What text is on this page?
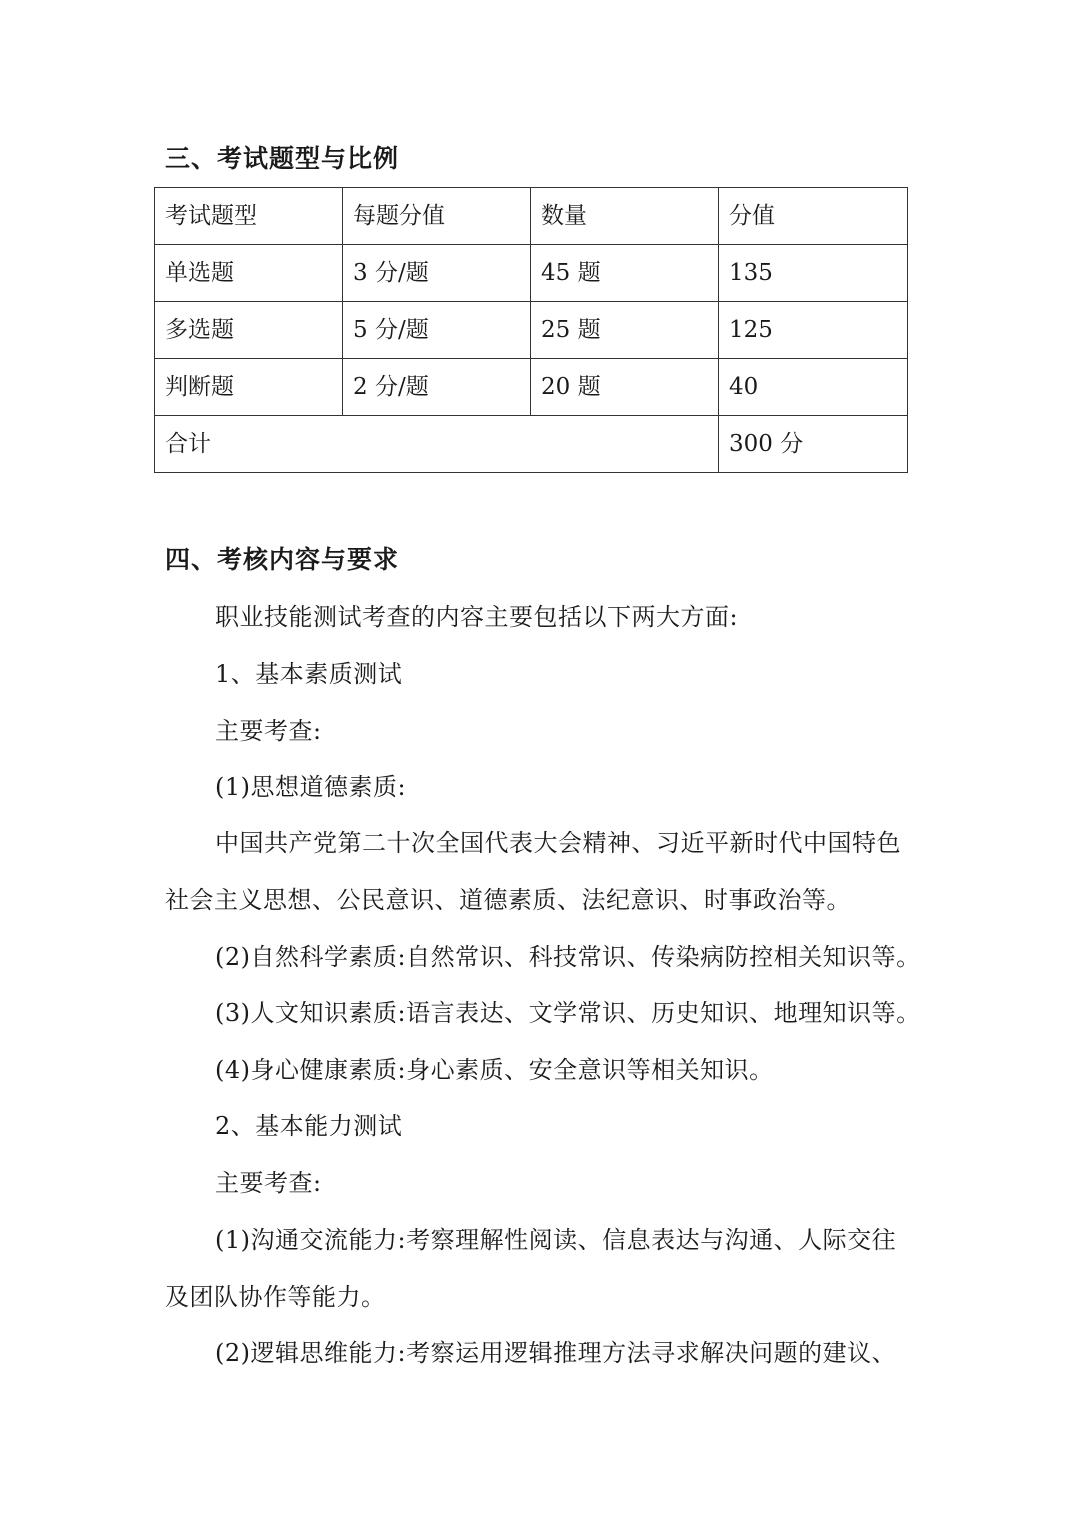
三、考试题型与比例
考试题型	每题分值	数量	分值
单选题	3 分/题	45 题	135
多选题	5 分/题	25 题	125
判断题	2 分/题	20 题	40
合计			300 分
四、考核内容与要求

职业技能测试考查的内容主要包括以下两大方面:

1、基本素质测试

主要考查:

(1)思想道德素质:

中国共产党第二十次全国代表大会精神、习近平新时代中国特色

社会主义思想、公民意识、道德素质、法纪意识、时事政治等。

(2)自然科学素质:自然常识、科技常识、传染病防控相关知识等。

(3)人文知识素质:语言表达、文学常识、历史知识、地理知识等。

(4)身心健康素质:身心素质、安全意识等相关知识。

2、基本能力测试

主要考查:

(1)沟通交流能力:考察理解性阅读、信息表达与沟通、人际交往

及团队协作等能力。

(2)逻辑思维能力:考察运用逻辑推理方法寻求解决问题的建议、
